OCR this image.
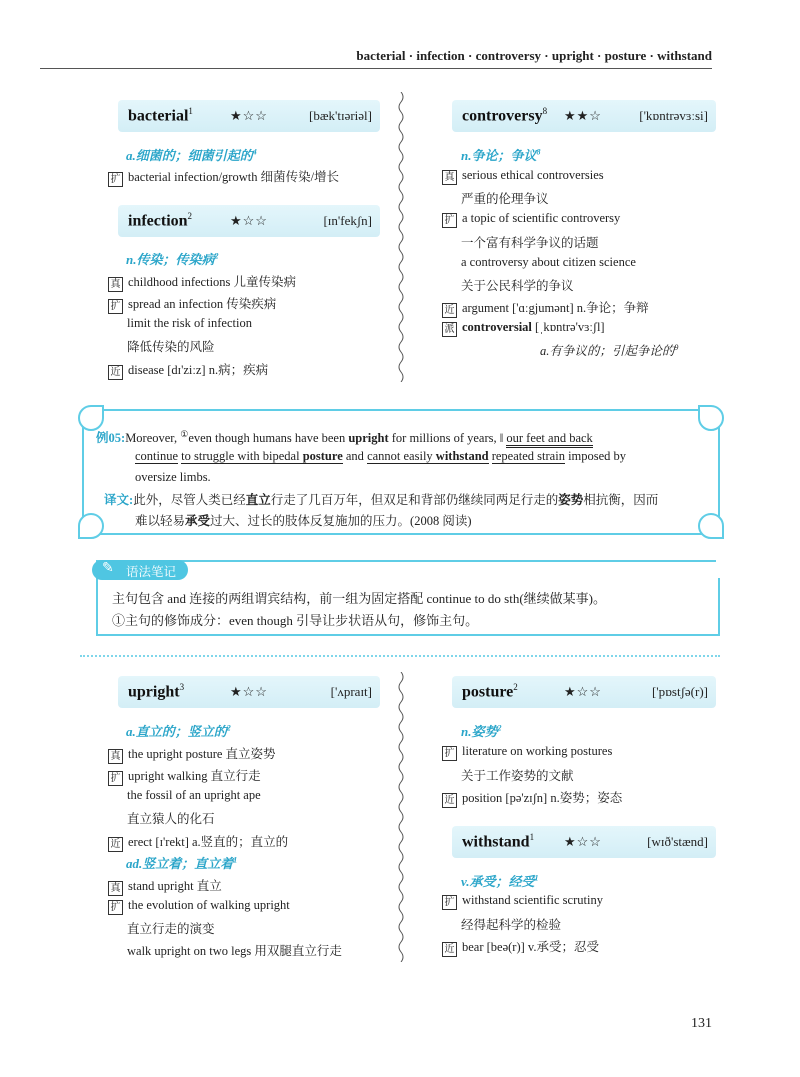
bacterial · infection · controversy · upright · posture · withstand
bacterial$^1$	★☆☆	[bæk'tɪəriəl]
a.细菌的；细菌引起的$^4$
扩 bacterial infection/growth 细菌传染/增长
infection$^2$	★☆☆	[ɪn'fekʃn]
n.传染；传染病$^2$
真 childhood infections 儿童传染病
扩 spread an infection 传染疾病
limit the risk of infection
降低传染的风险
近 disease [dɪ'ziːz] n.病；疾病
controversy$^8$ ★★☆	['kɒntrəvɜːsi]
n.争论；争议$^8$
真 serious ethical controversies
严重的伦理争议
扩 a topic of scientific controversy
一个富有科学争议的话题
a controversy about citizen science
关于公民科学的争议
近 argument ['ɑːgjumənt] n.争论；争辩
派 controversial [ˌkɒntrə'vɜːʃl]
a.有争议的；引起争论的$^9$
例05:Moreover, ①even though humans have been upright for millions of years, ‖ our feet and back
continue to struggle with bipedal posture and cannot easily withstand repeated strain imposed by
oversize limbs.
译文:此外，尽管人类已经直立行走了几百万年，但双足和背部仍继续同两足行走的姿势相抗衡，因而
难以轻易承受过大、过长的肢体反复施加的压力。(2008 阅读)
✎ 语法笔记
主句包含 and 连接的两组谓宾结构，前一组为固定搭配 continue to do sth(继续做某事)。
①主句的修饰成分：even though 引导让步状语从句，修饰主句。
upright$^3$	★☆☆	['ʌpraɪt]
a.直立的；竖立的$^2$
真 the upright posture 直立姿势
扩 upright walking 直立行走
the fossil of an upright ape
直立猿人的化石
近 erect [ɪ'rekt] a.竖直的；直立的
ad.竖立着；直立着$^1$
真 stand upright 直立
扩 the evolution of walking upright
直立行走的演变
walk upright on two legs 用双腿直立行走
posture$^2$	★☆☆	['pɒstʃə(r)]
n.姿势$^2$
扩 literature on working postures
关于工作姿势的文献
近 position [pə'zɪʃn] n.姿势；姿态
withstand$^1$ ★☆☆	[wɪð'stænd]
v.承受；经受$^1$
扩 withstand scientific scrutiny
经得起科学的检验
近 bear [beə(r)] v.承受；忍受
131
